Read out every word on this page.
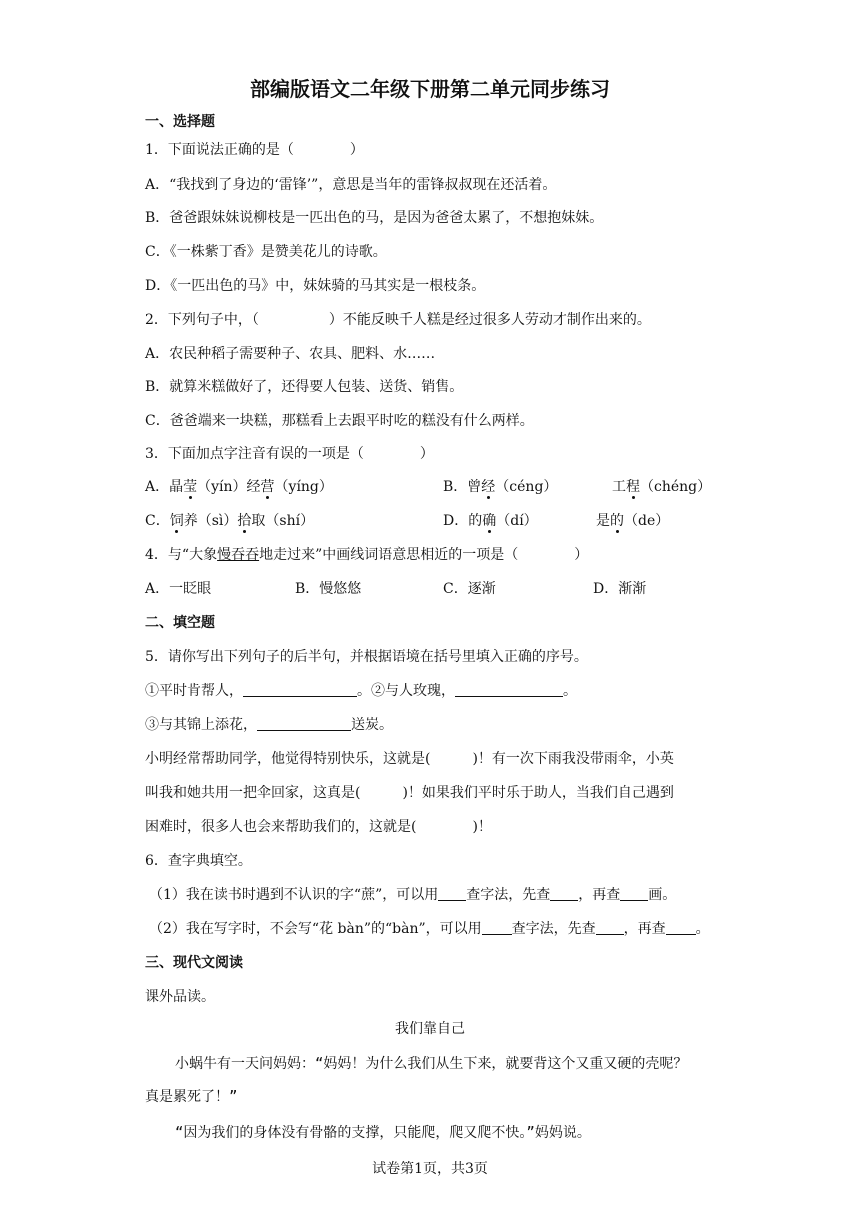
部编版语文二年级下册第二单元同步练习
一、选择题
1．下面说法正确的是（　　　　）
A．“我找到了身边的‘雷锋’”，意思是当年的雷锋叔叔现在还活着。
B．爸爸跟妹妹说柳枝是一匹出色的马，是因为爸爸太累了，不想抱妹妹。
C．《一株紫丁香》是赞美花儿的诗歌。
D．《一匹出色的马》中，妹妹骑的马其实是一根枝条。
2．下列句子中，（　　　　　）不能反映千人糕是经过很多人劳动才制作出来的。
A．农民种稻子需要种子、农具、肥料、水……
B．就算米糕做好了，还得要人包装、送货、销售。
C．爸爸端来一块糕，那糕看上去跟平时吃的糕没有什么两样。
3．下面加点字注音有误的一项是（　　　　）
A．晶莹（yín）经营（yíng）	B．曾经（céng）	工程（chéng）
C．饲养（sì）拾取（shí）	D．的确（dí）	是的（de）
4．与“大象慢吞吞地走过来”中画线词语意思相近的一项是（　　　　）
A．一眨眼	B．慢悠悠	C．逐渐	D．渐渐
二、填空题
5．请你写出下列句子的后半句，并根据语境在括号里填入正确的序号。
①平时肯帮人，	。②与人玫瑰，	。
③与其锦上添花，	送炭。
小明经常帮助同学，他觉得特别快乐，这就是(　　　)！有一次下雨我没带雨伞，小英
叫我和她共用一把伞回家，这真是(　　　)！如果我们平时乐于助人，当我们自己遇到
困难时，很多人也会来帮助我们的，这就是(　　　　)！
6．查字典填空。
（1）我在读书时遇到不认识的字“蔗”，可以用 查字法，先查 ，再查 画。
（2）我在写字时，不会写“花 bàn”的“bàn”，可以用 查字法，先查 ，再查 。
三、现代文阅读
课外品读。
我们靠自己
小蜗牛有一天问妈妈：“妈妈！为什么我们从生下来，就要背这个又重又硬的壳呢？
真是累死了！”
“因为我们的身体没有骨骼的支撑，只能爬，爬又爬不快。”妈妈说。
试卷第1页，共3页
